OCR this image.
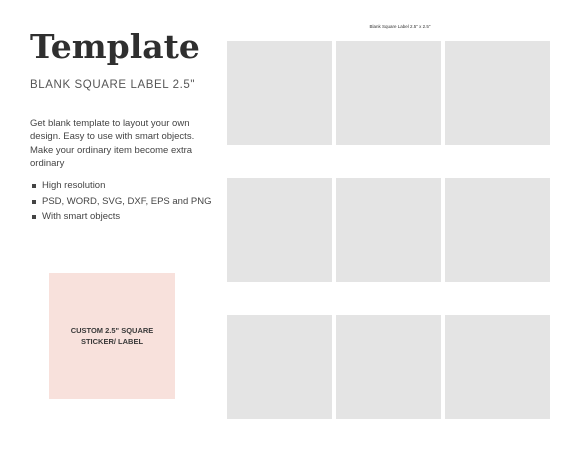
Template
BLANK SQUARE LABEL 2.5"
Get blank template to layout your own design. Easy to use with smart objects. Make your ordinary item become extra ordinary
High resolution
PSD, WORD, SVG, DXF, EPS and PNG
With smart objects
CUSTOM 2.5" SQUARE STICKER/ LABEL
Blank Square Label 2.5" x 2.5"
